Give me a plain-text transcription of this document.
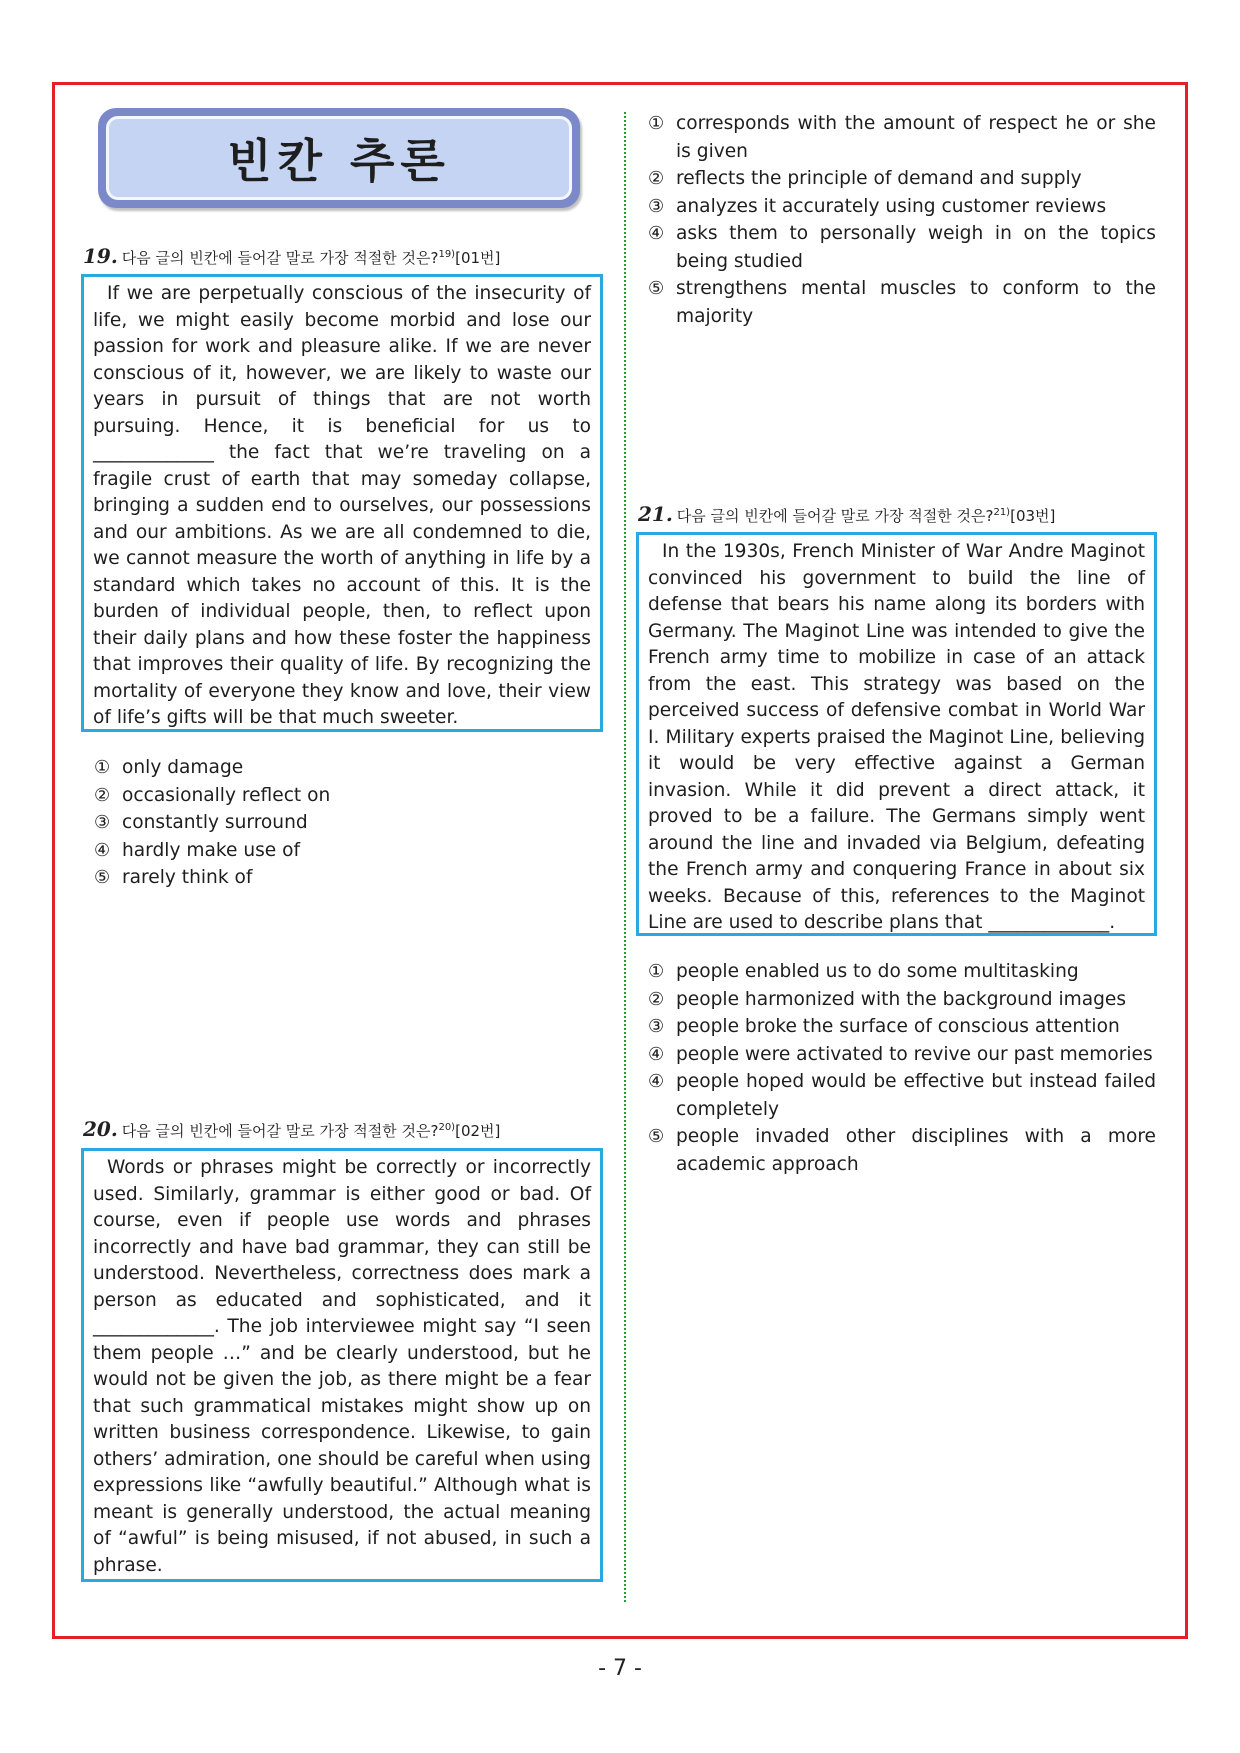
빈칸 추론
19. 다음 글의 빈칸에 들어갈 말로 가장 적절한 것은?$^{19)}$[01번]

If we are perpetually conscious of the insecurity of life, we might easily become morbid and lose our passion for work and pleasure alike. If we are never conscious of it, however, we are likely to waste our years in pursuit of things that are not worth pursuing. Hence, it is beneficial for us to _____________ the fact that we’re traveling on a fragile crust of earth that may someday collapse, bringing a sudden end to ourselves, our possessions and our ambitions. As we are all condemned to die, we cannot measure the worth of anything in life by a standard which takes no account of this. It is the burden of individual people, then, to reflect upon their daily plans and how these foster the happiness that improves their quality of life. By recognizing the mortality of everyone they know and love, their view of life’s gifts will be that much sweeter.

① only damage
② occasionally reflect on
③ constantly surround
④ hardly make use of
⑤ rarely think of
20. 다음 글의 빈칸에 들어갈 말로 가장 적절한 것은?$^{20)}$[02번]

Words or phrases might be correctly or incorrectly used. Similarly, grammar is either good or bad. Of course, even if people use words and phrases incorrectly and have bad grammar, they can still be understood. Nevertheless, correctness does mark a person as educated and sophisticated, and it _____________. The job interviewee might say “I seen them people …” and be clearly understood, but he would not be given the job, as there might be a fear that such grammatical mistakes might show up on written business correspondence. Likewise, to gain others’ admiration, one should be careful when using expressions like “awfully beautiful.” Although what is meant is generally understood, the actual meaning of “awful” is being misused, if not abused, in such a phrase.

① corresponds with the amount of respect he or she is given
② reflects the principle of demand and supply
③ analyzes it accurately using customer reviews
④ asks them to personally weigh in on the topics being studied
⑤ strengthens mental muscles to conform to the majority
21. 다음 글의 빈칸에 들어갈 말로 가장 적절한 것은?$^{21)}$[03번]

In the 1930s, French Minister of War Andre Maginot convinced his government to build the line of defense that bears his name along its borders with Germany. The Maginot Line was intended to give the French army time to mobilize in case of an attack from the east. This strategy was based on the perceived success of defensive combat in World War I. Military experts praised the Maginot Line, believing it would be very effective against a German invasion. While it did prevent a direct attack, it proved to be a failure. The Germans simply went around the line and invaded via Belgium, defeating the French army and conquering France in about six weeks. Because of this, references to the Maginot Line are used to describe plans that _____________.

① people enabled us to do some multitasking
② people harmonized with the background images
③ people broke the surface of conscious attention
④ people were activated to revive our past memories
④ people hoped would be effective but instead failed completely
⑤ people invaded other disciplines with a more academic approach
- 7 -
